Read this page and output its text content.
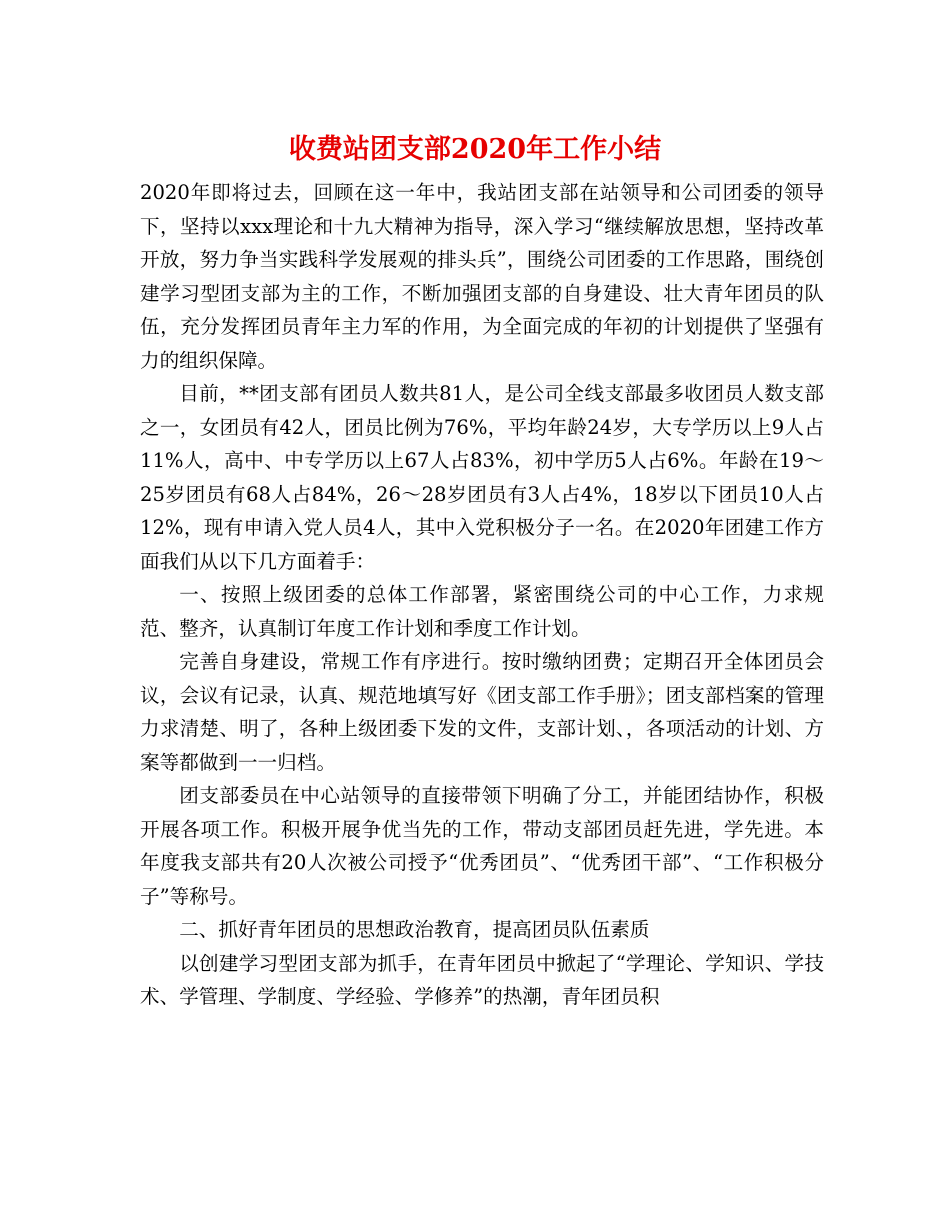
收费站团支部2020年工作小结

2020年即将过去，回顾在这一年中，我站团支部在站领导和公司团委的领导下，坚持以xxx理论和十九大精神为指导，深入学习“继续解放思想，坚持改革开放，努力争当实践科学发展观的排头兵”，围绕公司团委的工作思路，围绕创建学习型团支部为主的工作，不断加强团支部的自身建设、壮大青年团员的队伍，充分发挥团员青年主力军的作用，为全面完成的年初的计划提供了坚强有力的组织保障。

目前，**团支部有团员人数共81人，是公司全线支部最多收团员人数支部之一，女团员有42人，团员比例为76%，平均年龄24岁，大专学历以上9人占11%人，高中、中专学历以上67人占83%，初中学历5人占6%。年龄在19～25岁团员有68人占84%，26～28岁团员有3人占4%，18岁以下团员10人占12%，现有申请入党人员4人，其中入党积极分子一名。在2020年团建工作方面我们从以下几方面着手：

一、按照上级团委的总体工作部署，紧密围绕公司的中心工作，力求规范、整齐，认真制订年度工作计划和季度工作计划。

完善自身建设，常规工作有序进行。按时缴纳团费；定期召开全体团员会议，会议有记录，认真、规范地填写好《团支部工作手册》；团支部档案的管理力求清楚、明了，各种上级团委下发的文件，支部计划、，各项活动的计划、方案等都做到一一归档。

团支部委员在中心站领导的直接带领下明确了分工，并能团结协作，积极开展各项工作。积极开展争优当先的工作，带动支部团员赶先进，学先进。本年度我支部共有20人次被公司授予“优秀团员”、“优秀团干部”、“工作积极分子”等称号。

二、抓好青年团员的思想政治教育，提高团员队伍素质

以创建学习型团支部为抓手，在青年团员中掀起了“学理论、学知识、学技术、学管理、学制度、学经验、学修养”的热潮，青年团员积
